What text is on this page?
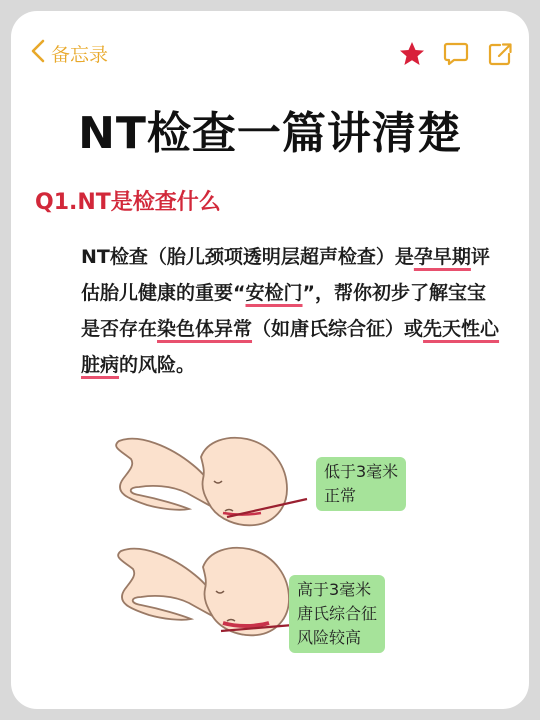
备忘录
NT检查一篇讲清楚
Q1.NT是检查什么
NT检查（胎儿颈项透明层超声检查）是孕早期评估胎儿健康的重要“安检门”，帮你初步了解宝宝是否存在染色体异常（如唐氏综合征）或先天性心脏病的风险。
低于3毫米
正常
高于3毫米
唐氏综合征
风险较高
